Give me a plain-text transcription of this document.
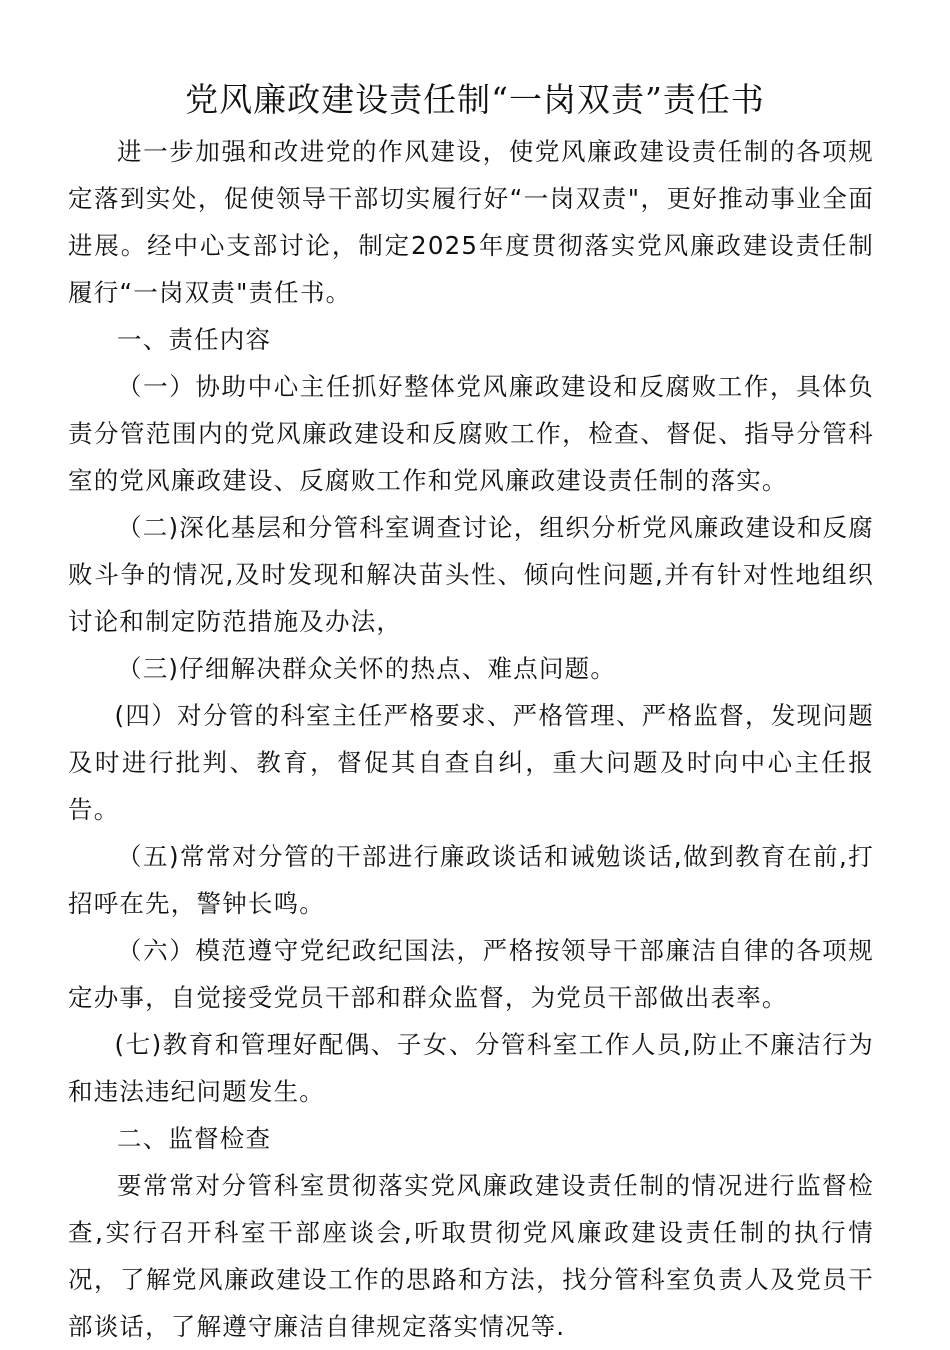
党风廉政建设责任制“一岗双责”责任书

进一步加强和改进党的作风建设，使党风廉政建设责任制的各项规定落到实处，促使领导干部切实履行好“一岗双责"，更好推动事业全面进展。经中心支部讨论，制定2025年度贯彻落实党风廉政建设责任制履行“一岗双责"责任书。

一、责任内容

（一）协助中心主任抓好整体党风廉政建设和反腐败工作，具体负责分管范围内的党风廉政建设和反腐败工作，检查、督促、指导分管科室的党风廉政建设、反腐败工作和党风廉政建设责任制的落实。

（二)深化基层和分管科室调查讨论，组织分析党风廉政建设和反腐败斗争的情况,及时发现和解决苗头性、倾向性问题,并有针对性地组织讨论和制定防范措施及办法，

（三)仔细解决群众关怀的热点、难点问题。

(四）对分管的科室主任严格要求、严格管理、严格监督，发现问题及时进行批判、教育，督促其自查自纠，重大问题及时向中心主任报告。

（五)常常对分管的干部进行廉政谈话和诫勉谈话,做到教育在前,打招呼在先，警钟长鸣。

（六）模范遵守党纪政纪国法，严格按领导干部廉洁自律的各项规定办事，自觉接受党员干部和群众监督，为党员干部做出表率。

(七)教育和管理好配偶、子女、分管科室工作人员,防止不廉洁行为和违法违纪问题发生。

二、监督检查

要常常对分管科室贯彻落实党风廉政建设责任制的情况进行监督检查,实行召开科室干部座谈会,听取贯彻党风廉政建设责任制的执行情况，了解党风廉政建设工作的思路和方法，找分管科室负责人及党员干部谈话，了解遵守廉洁自律规定落实情况等.
